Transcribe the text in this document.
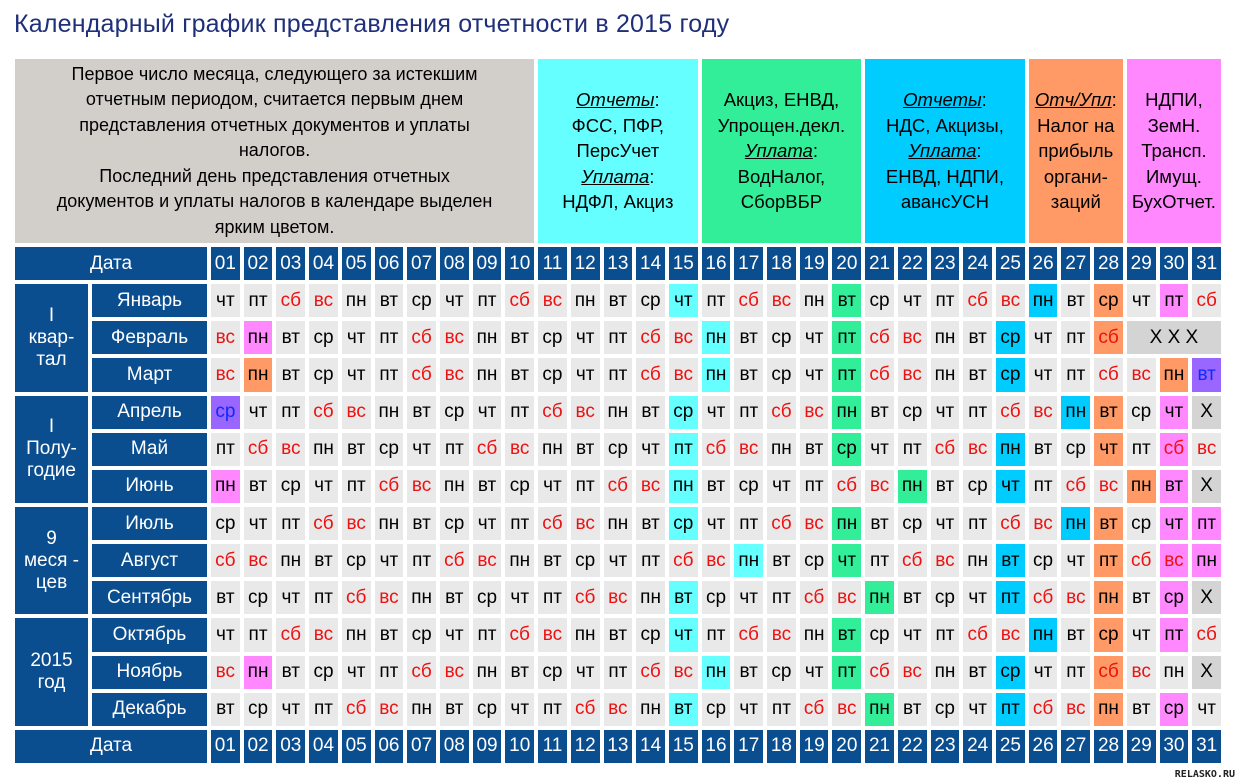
Календарный график представления отчетности в 2015 году
Первое число месяца, следующего за истекшим
отчетным периодом, считается первым днем
представления отчетных документов и уплаты
налогов.
Последний день представления отчетных
документов и уплаты налогов в календаре выделен
ярким цветом.
Отчеты:
ФСС, ПФР,
ПерсУчет
Уплата:
НДФЛ, Акциз
Акциз, ЕНВД,
Упрощен.декл.
Уплата:
ВодНалог,
СборВБР
Отчеты:
НДС, Акцизы,
Уплата:
ЕНВД, НДПИ,
авансУСН
Отч/Упл:
Налог на
прибыль
органи-
заций
НДПИ,
ЗемН.
Трансп.
Имущ.
БухОтчет.
Дата	01 02 03 04 05 06 07 08 09 10 11 12 13 14 15 16 17 18 19 20 21 22 23 24 25 26 27 28 29 30 31
Дата	01 02 03 04 05 06 07 08 09 10 11 12 13 14 15 16 17 18 19 20 21 22 23 24 25 26 27 28 29 30 31
I
квар-
тал
I
Полу-
годие
9
меся -
цев
2015
год
Январь	чт пт сб вс пн вт ср чт пт сб вс пн вт ср чт пт сб вс пн вт ср чт пт сб вс пн вт ср чт пт сб
Февраль	вс пн вт ср чт пт сб вс пн вт ср чт пт сб вс пн вт ср чт пт сб вс пн вт ср чт пт сб	X X X
Март	вс пн вт ср чт пт сб вс пн вт ср чт пт сб вс пн вт ср чт пт сб вс пн вт ср чт пт сб вс пн вт
Апрель	ср чт пт сб вс пн вт ср чт пт сб вс пн вт ср чт пт сб вс пн вт ср чт пт сб вс пн вт ср чт X
Май	пт сб вс пн вт ср чт пт сб вс пн вт ср чт пт сб вс пн вт ср чт пт сб вс пн вт ср чт пт сб вс
Июнь	пн вт ср чт пт сб вс пн вт ср чт пт сб вс пн вт ср чт пт сб вс пн вт ср чт пт сб вс пн вт X
Июль	ср чт пт сб вс пн вт ср чт пт сб вс пн вт ср чт пт сб вс пн вт ср чт пт сб вс пн вт ср чт пт
Август	сб вс пн вт ср чт пт сб вс пн вт ср чт пт сб вс пн вт ср чт пт сб вс пн вт ср чт пт сб вс пн
Сентябрь	вт ср чт пт сб вс пн вт ср чт пт сб вс пн вт ср чт пт сб вс пн вт ср чт пт сб вс пн вт ср X
Октябрь	чт пт сб вс пн вт ср чт пт сб вс пн вт ср чт пт сб вс пн вт ср чт пт сб вс пн вт ср чт пт сб
Ноябрь	вс пн вт ср чт пт сб вс пн вт ср чт пт сб вс пн вт ср чт пт сб вс пн вт ср чт пт сб вс пн X
Декабрь	вт ср чт пт сб вс пн вт ср чт пт сб вс пн вт ср чт пт сб вс пн вт ср чт пт сб вс пн вт ср чт
RELASKO.RU
